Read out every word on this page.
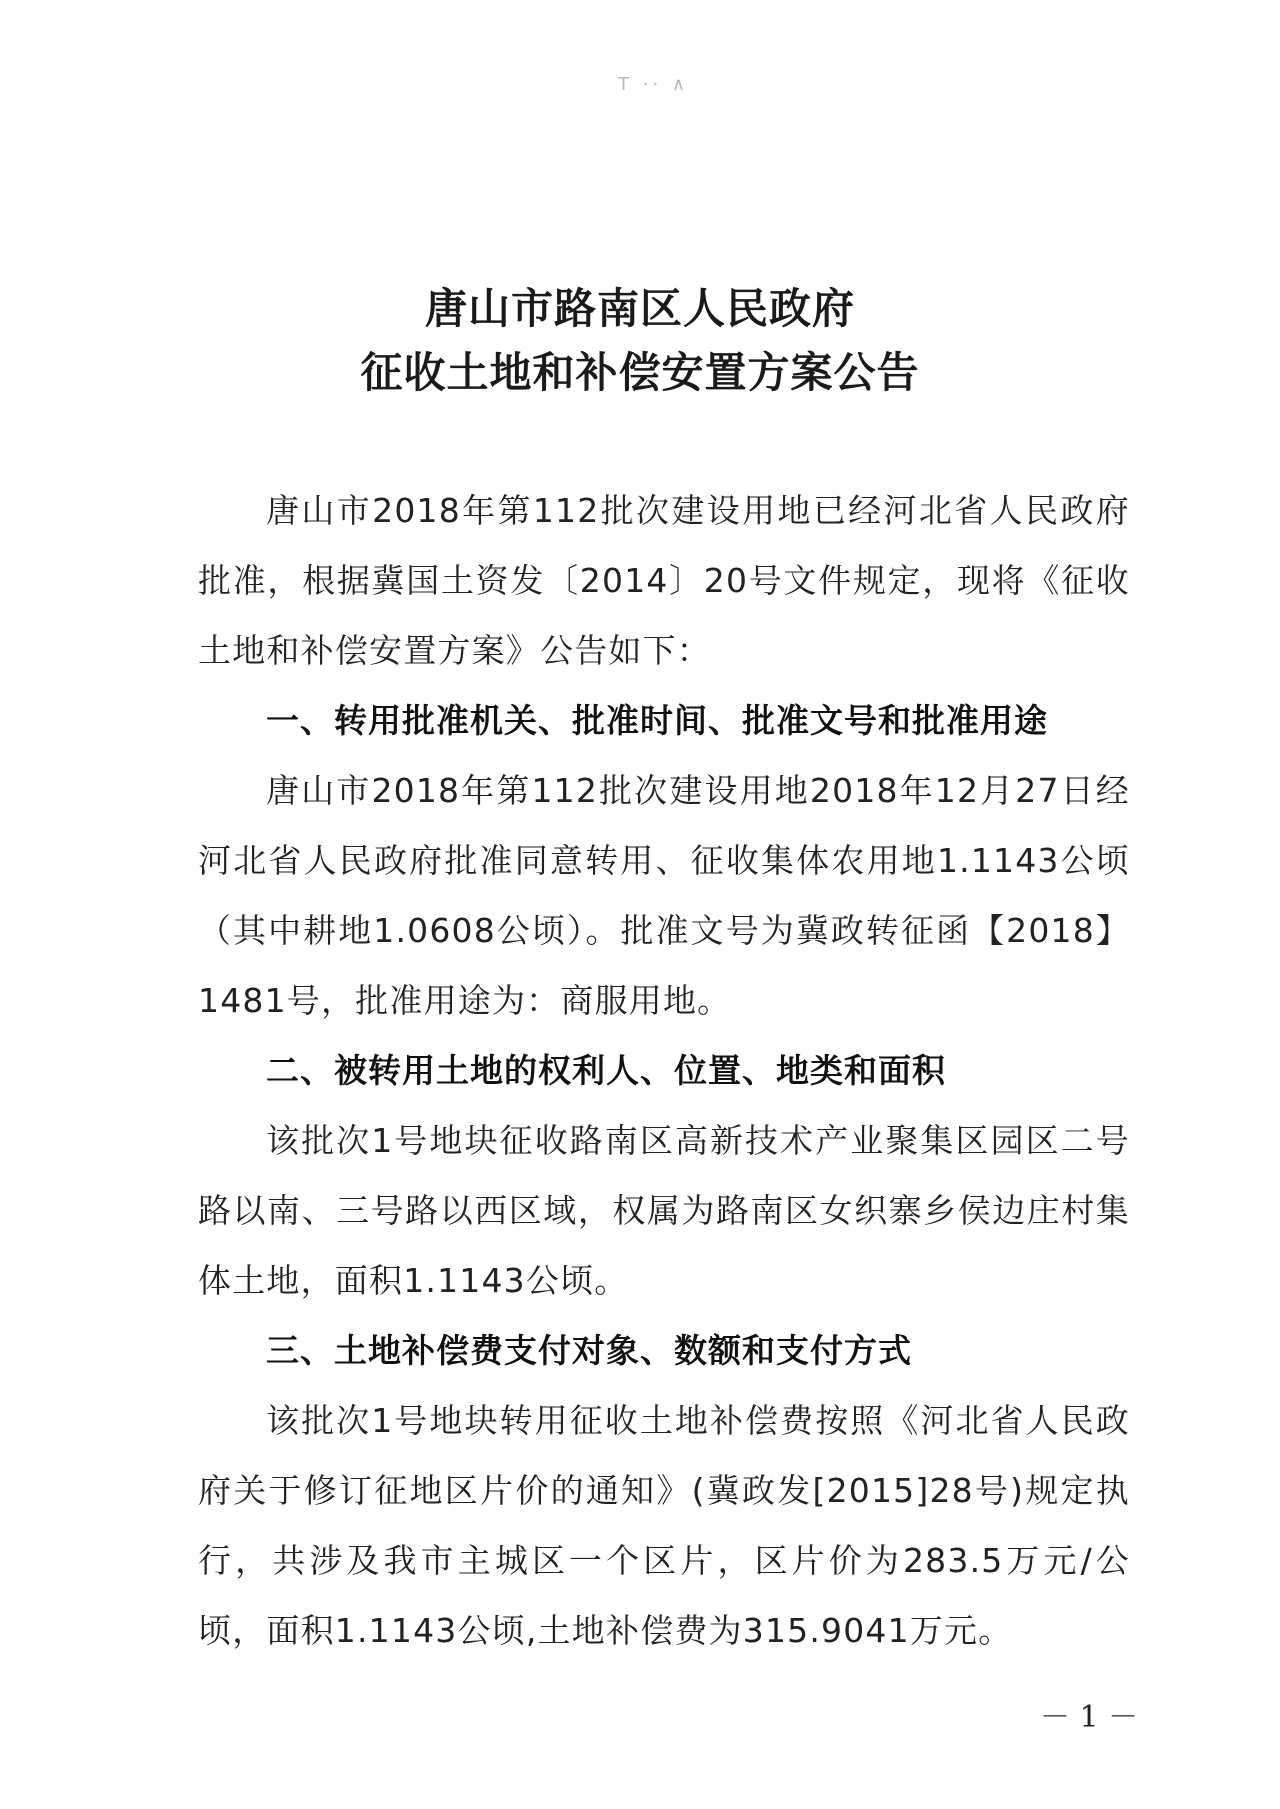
T ·· ∧
唐山市路南区人民政府
征收土地和补偿安置方案公告

唐山市2018年第112批次建设用地已经河北省人民政府批准，根据冀国土资发〔2014〕20号文件规定，现将《征收土地和补偿安置方案》公告如下：

一、转用批准机关、批准时间、批准文号和批准用途

唐山市2018年第112批次建设用地2018年12月27日经河北省人民政府批准同意转用、征收集体农用地1.1143公顷（其中耕地1.0608公顷）。批准文号为冀政转征函【2018】1481号，批准用途为：商服用地。

二、被转用土地的权利人、位置、地类和面积

该批次1号地块征收路南区高新技术产业聚集区园区二号路以南、三号路以西区域，权属为路南区女织寨乡侯边庄村集体土地，面积1.1143公顷。

三、土地补偿费支付对象、数额和支付方式

该批次1号地块转用征收土地补偿费按照《河北省人民政府关于修订征地区片价的通知》(冀政发[2015]28号)规定执行，共涉及我市主城区一个区片，区片价为283.5万元/公顷，面积1.1143公顷,土地补偿费为315.9041万元。

－ 1 －
